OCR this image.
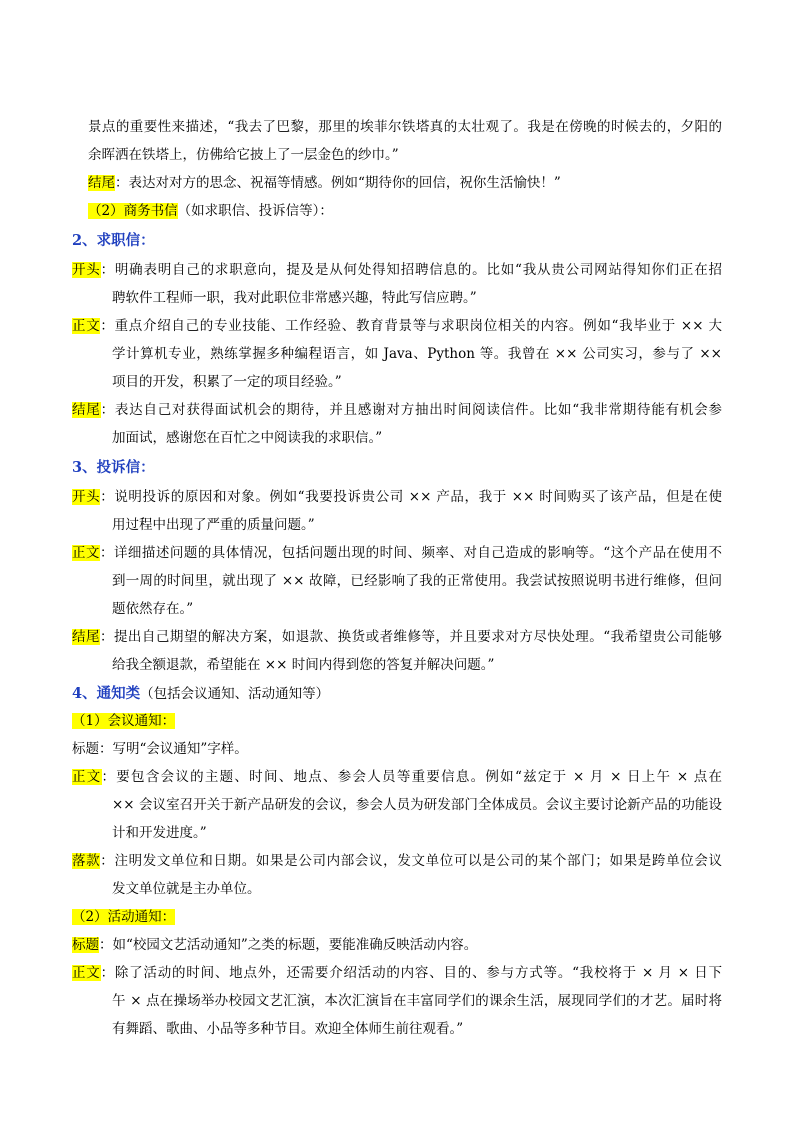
景点的重要性来描述，“我去了巴黎，那里的埃菲尔铁塔真的太壮观了。我是在傍晚的时候去的，夕阳的
余晖洒在铁塔上，仿佛给它披上了一层金色的纱巾。”
结尾：表达对对方的思念、祝福等情感。例如“期待你的回信，祝你生活愉快！”
（2）商务书信（如求职信、投诉信等）：
2、求职信：
开头：明确表明自己的求职意向，提及是从何处得知招聘信息的。比如“我从贵公司网站得知你们正在招
聘软件工程师一职，我对此职位非常感兴趣，特此写信应聘。”
正文：重点介绍自己的专业技能、工作经验、教育背景等与求职岗位相关的内容。例如“我毕业于 ×× 大
学计算机专业，熟练掌握多种编程语言，如 Java、Python 等。我曾在 ×× 公司实习，参与了 ××
项目的开发，积累了一定的项目经验。”
结尾：表达自己对获得面试机会的期待，并且感谢对方抽出时间阅读信件。比如“我非常期待能有机会参
加面试，感谢您在百忙之中阅读我的求职信。”
3、投诉信：
开头：说明投诉的原因和对象。例如“我要投诉贵公司 ×× 产品，我于 ×× 时间购买了该产品，但是在使
用过程中出现了严重的质量问题。”
正文：详细描述问题的具体情况，包括问题出现的时间、频率、对自己造成的影响等。“这个产品在使用不
到一周的时间里，就出现了 ×× 故障，已经影响了我的正常使用。我尝试按照说明书进行维修，但问
题依然存在。”
结尾：提出自己期望的解决方案，如退款、换货或者维修等，并且要求对方尽快处理。“我希望贵公司能够
给我全额退款，希望能在 ×× 时间内得到您的答复并解决问题。”
4、通知类（包括会议通知、活动通知等）
（1）会议通知：
标题：写明“会议通知”字样。
正文：要包含会议的主题、时间、地点、参会人员等重要信息。例如“兹定于 × 月 × 日上午 × 点在
×× 会议室召开关于新产品研发的会议，参会人员为研发部门全体成员。会议主要讨论新产品的功能设
计和开发进度。”
落款：注明发文单位和日期。如果是公司内部会议，发文单位可以是公司的某个部门；如果是跨单位会议
发文单位就是主办单位。
（2）活动通知：
标题：如“校园文艺活动通知”之类的标题，要能准确反映活动内容。
正文：除了活动的时间、地点外，还需要介绍活动的内容、目的、参与方式等。“我校将于 × 月 × 日下
午 × 点在操场举办校园文艺汇演，本次汇演旨在丰富同学们的课余生活，展现同学们的才艺。届时将
有舞蹈、歌曲、小品等多种节目。欢迎全体师生前往观看。”
